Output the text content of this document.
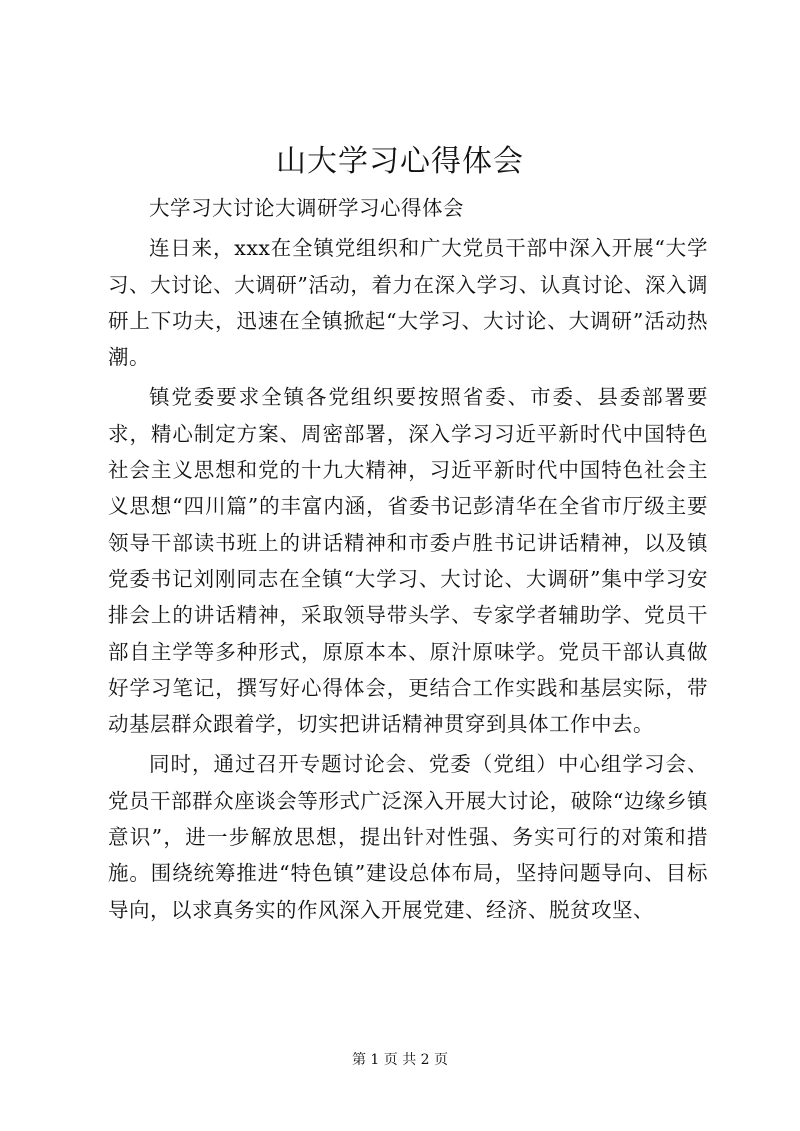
山大学习心得体会

大学习大讨论大调研学习心得体会

连日来，xxx在全镇党组织和广大党员干部中深入开展“大学习、大讨论、大调研”活动，着力在深入学习、认真讨论、深入调研上下功夫，迅速在全镇掀起“大学习、大讨论、大调研”活动热潮。

镇党委要求全镇各党组织要按照省委、市委、县委部署要求，精心制定方案、周密部署，深入学习习近平新时代中国特色社会主义思想和党的十九大精神，习近平新时代中国特色社会主义思想“四川篇”的丰富内涵，省委书记彭清华在全省市厅级主要领导干部读书班上的讲话精神和市委卢胜书记讲话精神，以及镇党委书记刘刚同志在全镇“大学习、大讨论、大调研”集中学习安排会上的讲话精神，采取领导带头学、专家学者辅助学、党员干部自主学等多种形式，原原本本、原汁原味学。党员干部认真做好学习笔记，撰写好心得体会，更结合工作实践和基层实际，带动基层群众跟着学，切实把讲话精神贯穿到具体工作中去。

同时，通过召开专题讨论会、党委（党组）中心组学习会、党员干部群众座谈会等形式广泛深入开展大讨论，破除“边缘乡镇意识”，进一步解放思想，提出针对性强、务实可行的对策和措施。围绕统筹推进“特色镇”建设总体布局，坚持问题导向、目标导向，以求真务实的作风深入开展党建、经济、脱贫攻坚、

第 1 页 共 2 页
